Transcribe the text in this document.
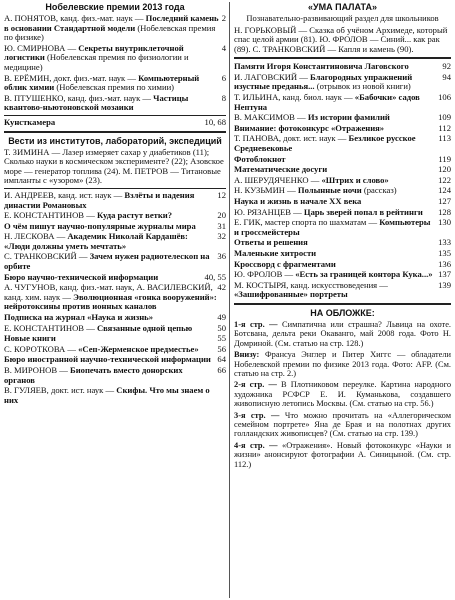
Нобелевские премии 2013 года
2
А. ПОНЯТОВ, канд. физ.-мат. наук — Последний камень в основании Стандартной модели (Нобелевская премия по физике)
4
Ю. СМИРНОВА — Секреты внутриклеточной логистики (Нобелевская премия по физиологии и медицине)
6
В. ЕРЁМИН, докт. физ.-мат. наук — Компьютерный облик химии (Нобелевская премия по химии)
8
В. ПТУШЕНКО, канд. физ.-мат. наук — Частицы квантово-ньютоновской мозаики
10, 68
Кунсткамера
Вести из институтов, лабораторий, экспедиций
Т. ЗИМИНА — Лазер измеряет сахар у диабетиков (11); Сколько науки в космическом эксперименте? (22); Азовское море — генератор топлива (24). М. ПЕТРОВ — Титановые импланты с «узором» (23).
12
И. АНДРЕЕВ, канд. ист. наук — Взлёты и падения династии Романовых
20
Е. КОНСТАНТИНОВ — Куда растут ветки?
31
О чём пишут научно-популярные журналы мира
32
Н. ЛЕСКОВА — Академик Николай Кардашёв: «Люди должны уметь мечтать»
36
С. ТРАНКОВСКИЙ — Зачем нужен радиотелескоп на орбите
40, 55
Бюро научно-технической информации
42
А. ЧУГУНОВ, канд. физ.-мат. наук, А. ВАСИЛЕВСКИЙ, канд. хим. наук — Эволюционная «гонка вооружений»: нейротоксины против ионных каналов
49
Подписка на журнал «Наука и жизнь»
50
Е. КОНСТАНТИНОВ — Связанные одной цепью
55
Новые книги
56
С. КОРОТКОВА — «Сеп-Жерменское предместье»
64
Бюро иностранной научно-технической информации
66
В. МИРОНОВ — Биопечать вместо донорских органов
В. ГУЛЯЕВ, докт. ист. наук — Скифы. Что мы знаем о них
«УМА ПАЛАТА»
Познавательно-развивающий раздел для школьников
Н. ГОРЬКОВЫЙ — Сказка об учёном Архимеде, который спас целой армии (81). Ю. ФРОЛОВ — Синий... как рак (89). С. ТРАНКОВСКИЙ — Капля и камень (90).
92
Памяти Игоря Константиновича Лаговского
94
И. ЛАГОВСКИЙ — Благородных упражнений изустные преданья... (отрывок из новой книги)
106
Т. ИЛЬИНА, канд. биол. наук — «Бабочки» садов Нептуна
109
В. МАКСИМОВ — Из истории фамилий
112
Внимание: фотоконкурс «Отражения»
113
Т. ПАНОВА, докт. ист. наук — Безликое русское Средневековье
119
Фотоблокнот
120
Математические досуги
122
А. ШЕРУДЯЧЕНКО — «Штрих и слово»
124
Н. КУЗЬМИН — Полынные ночи (рассказ)
127
Наука и жизнь в начале XX века
128
Ю. РЯЗАНЦЕВ — Царь зверей попал в рейтинги
130
Е. ГИК, мастер спорта по шахматам — Компьютеры и гроссмейстеры
133
Ответы и решения
135
Маленькие хитрости
136
Кроссворд с фрагментами
137
Ю. ФРОЛОВ — «Есть за границей контора Кука...»
139
М. КОСТЫРЯ, канд. искусствоведения — «Зашифрованные» портреты
НА ОБЛОЖКЕ:
1-я стр. — Симпатична или страшна? Львица на охоте. Ботсвана, дельта реки Окаванго, май 2008 года. Фото Н. Домриной. (См. статью на стр. 128.)
Внизу: Франсуа Энглер и Питер Хиггс — обладатели Нобелевской премии по физике 2013 года. Фото: AFP. (См. статью на стр. 2.)
2-я стр. — В Плотниковом переулке. Картина народного художника РСФСР Е. И. Куманькова, создавшего живописную летопись Москвы. (См. статью на стр. 56.)
3-я стр. — Что можно прочитать на «Аллегорическом семейном портрете» Яна де Брая и на полотнах других голландских живописцев? (См. статью на стр. 139.)
4-я стр. — «Отражения». Новый фотоконкурс «Науки и жизни» анонсируют фотографии А. Синицыной. (См. стр. 112.)
